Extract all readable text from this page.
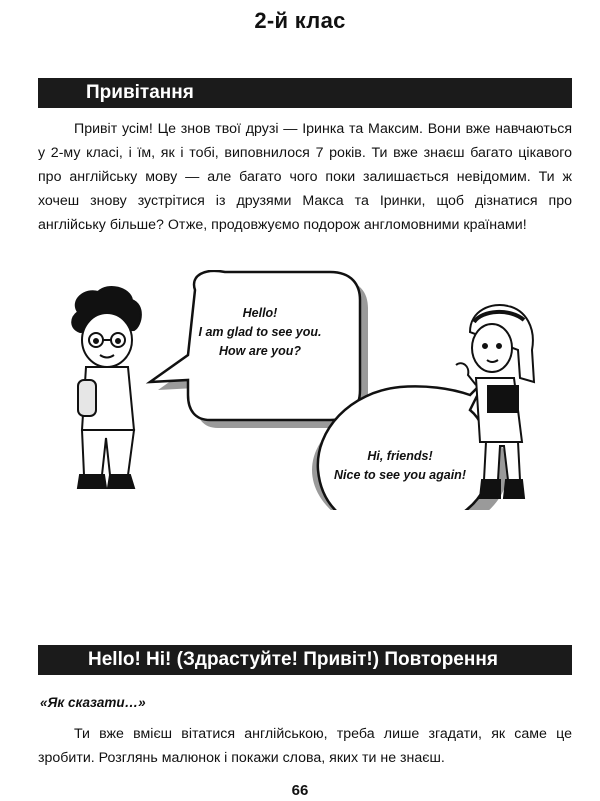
2-й клас
Привітання

Привіт усім! Це знов твої друзі — Іринка та Максим. Вони вже навчаються у 2-му класі, і їм, як і тобі, виповнилося 7 років. Ти вже знаєш багато цікавого про англійську мову — але багато чого поки залишається невідомим. Ти ж хочеш знову зустрітися із друзями Макса та Іринки, щоб дізнатися про англійську більше? Отже, продовжуємо подорож англомовними країнами!

Hello!
I am glad to see you.
How are you?
Hi, friends!
Nice to see you again!
Hello! Hi! (Здрастуйте! Привіт!) Повторення
«Як сказати…»

Ти вже вмієш вітатися англійською, треба лише згадати, як саме це зробити. Розглянь малюнок і покажи слова, яких ти не знаєш.

66
